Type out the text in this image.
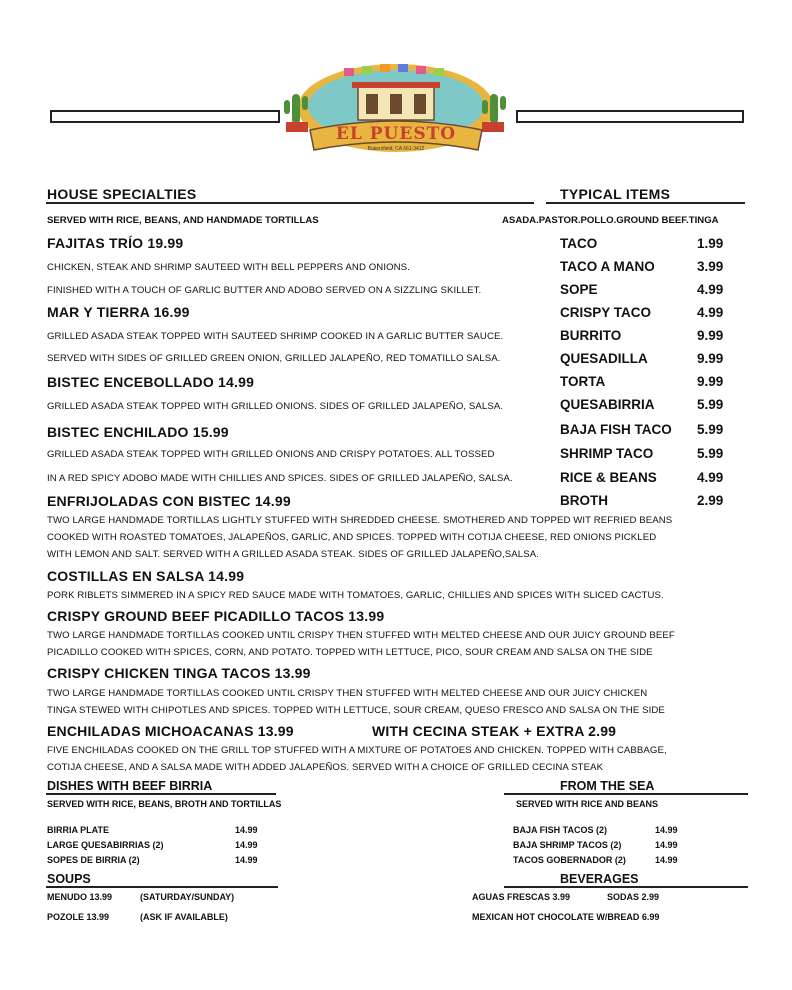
EL PUESTO
Bakersfield, CA 661-3412
HOUSE SPECIALTIES
SERVED WITH RICE, BEANS, AND HANDMADE TORTILLAS
TYPICAL ITEMS
ASADA.PASTOR.POLLO.GROUND BEEF.TINGA
FAJITAS TRÍO 19.99
CHICKEN, STEAK AND SHRIMP SAUTEED WITH BELL PEPPERS AND ONIONS.
FINISHED WITH A TOUCH OF GARLIC BUTTER AND ADOBO SERVED ON A SIZZLING SKILLET.
MAR Y TIERRA 16.99
GRILLED ASADA STEAK TOPPED WITH SAUTEED SHRIMP COOKED IN A GARLIC BUTTER SAUCE.
SERVED WITH SIDES OF GRILLED GREEN ONION, GRILLED JALAPEÑO, RED TOMATILLO SALSA.
BISTEC ENCEBOLLADO 14.99
GRILLED ASADA STEAK TOPPED WITH GRILLED ONIONS. SIDES OF GRILLED JALAPEÑO, SALSA.
BISTEC ENCHILADO 15.99
GRILLED ASADA STEAK TOPPED WITH GRILLED ONIONS AND CRISPY POTATOES. ALL TOSSED
IN A RED SPICY ADOBO MADE WITH CHILLIES AND SPICES. SIDES OF GRILLED JALAPEÑO, SALSA.
ENFRIJOLADAS CON BISTEC 14.99
TWO LARGE HANDMADE TORTILLAS LIGHTLY STUFFED WITH SHREDDED CHEESE. SMOTHERED AND TOPPED WIT REFRIED BEANS
COOKED WITH ROASTED TOMATOES, JALAPEÑOS, GARLIC, AND SPICES. TOPPED WITH COTIJA CHEESE, RED ONIONS PICKLED
WITH LEMON AND SALT. SERVED WITH A GRILLED ASADA STEAK. SIDES OF GRILLED JALAPEÑO,SALSA.
COSTILLAS EN SALSA 14.99
PORK RIBLETS SIMMERED IN A SPICY RED SAUCE MADE WITH TOMATOES, GARLIC, CHILLIES AND SPICES WITH SLICED CACTUS.
CRISPY GROUND BEEF PICADILLO TACOS 13.99
TWO LARGE HANDMADE TORTILLAS COOKED UNTIL CRISPY THEN STUFFED WITH MELTED CHEESE AND OUR JUICY GROUND BEEF
PICADILLO COOKED WITH SPICES, CORN, AND POTATO. TOPPED WITH LETTUCE, PICO, SOUR CREAM AND SALSA ON THE SIDE
CRISPY CHICKEN TINGA TACOS 13.99
TWO LARGE HANDMADE TORTILLAS COOKED UNTIL CRISPY THEN STUFFED WITH MELTED CHEESE AND OUR JUICY CHICKEN
TINGA STEWED WITH CHIPOTLES AND SPICES. TOPPED WITH LETTUCE, SOUR CREAM, QUESO FRESCO AND SALSA ON THE SIDE
ENCHILADAS MICHOACANAS 13.99	WITH CECINA STEAK + EXTRA 2.99
FIVE ENCHILADAS COOKED ON THE GRILL TOP STUFFED WITH A MIXTURE OF POTATOES AND CHICKEN. TOPPED WITH CABBAGE,
COTIJA CHEESE, AND A SALSA MADE WITH ADDED JALAPEÑOS. SERVED WITH A CHOICE OF GRILLED CECINA STEAK
TACO	1.99
TACO A MANO	3.99
SOPE	4.99
CRISPY TACO	4.99
BURRITO	9.99
QUESADILLA	9.99
TORTA	9.99
QUESABIRRIA	5.99
BAJA FISH TACO 5.99
SHRIMP TACO	5.99
RICE & BEANS	4.99
BROTH	2.99
DISHES WITH BEEF BIRRIA
SERVED WITH RICE, BEANS, BROTH AND TORTILLAS
BIRRIA PLATE	14.99
LARGE QUESABIRRIAS (2)	14.99
SOPES DE BIRRIA (2)	14.99
FROM THE SEA
SERVED WITH RICE AND BEANS
BAJA FISH TACOS (2)	14.99
BAJA SHRIMP TACOS (2)	14.99
TACOS GOBERNADOR (2)	14.99
SOUPS
MENUDO 13.99	(SATURDAY/SUNDAY)
POZOLE 13.99	(ASK IF AVAILABLE)
BEVERAGES
AGUAS FRESCAS 3.99	SODAS 2.99
MEXICAN HOT CHOCOLATE W/BREAD 6.99
